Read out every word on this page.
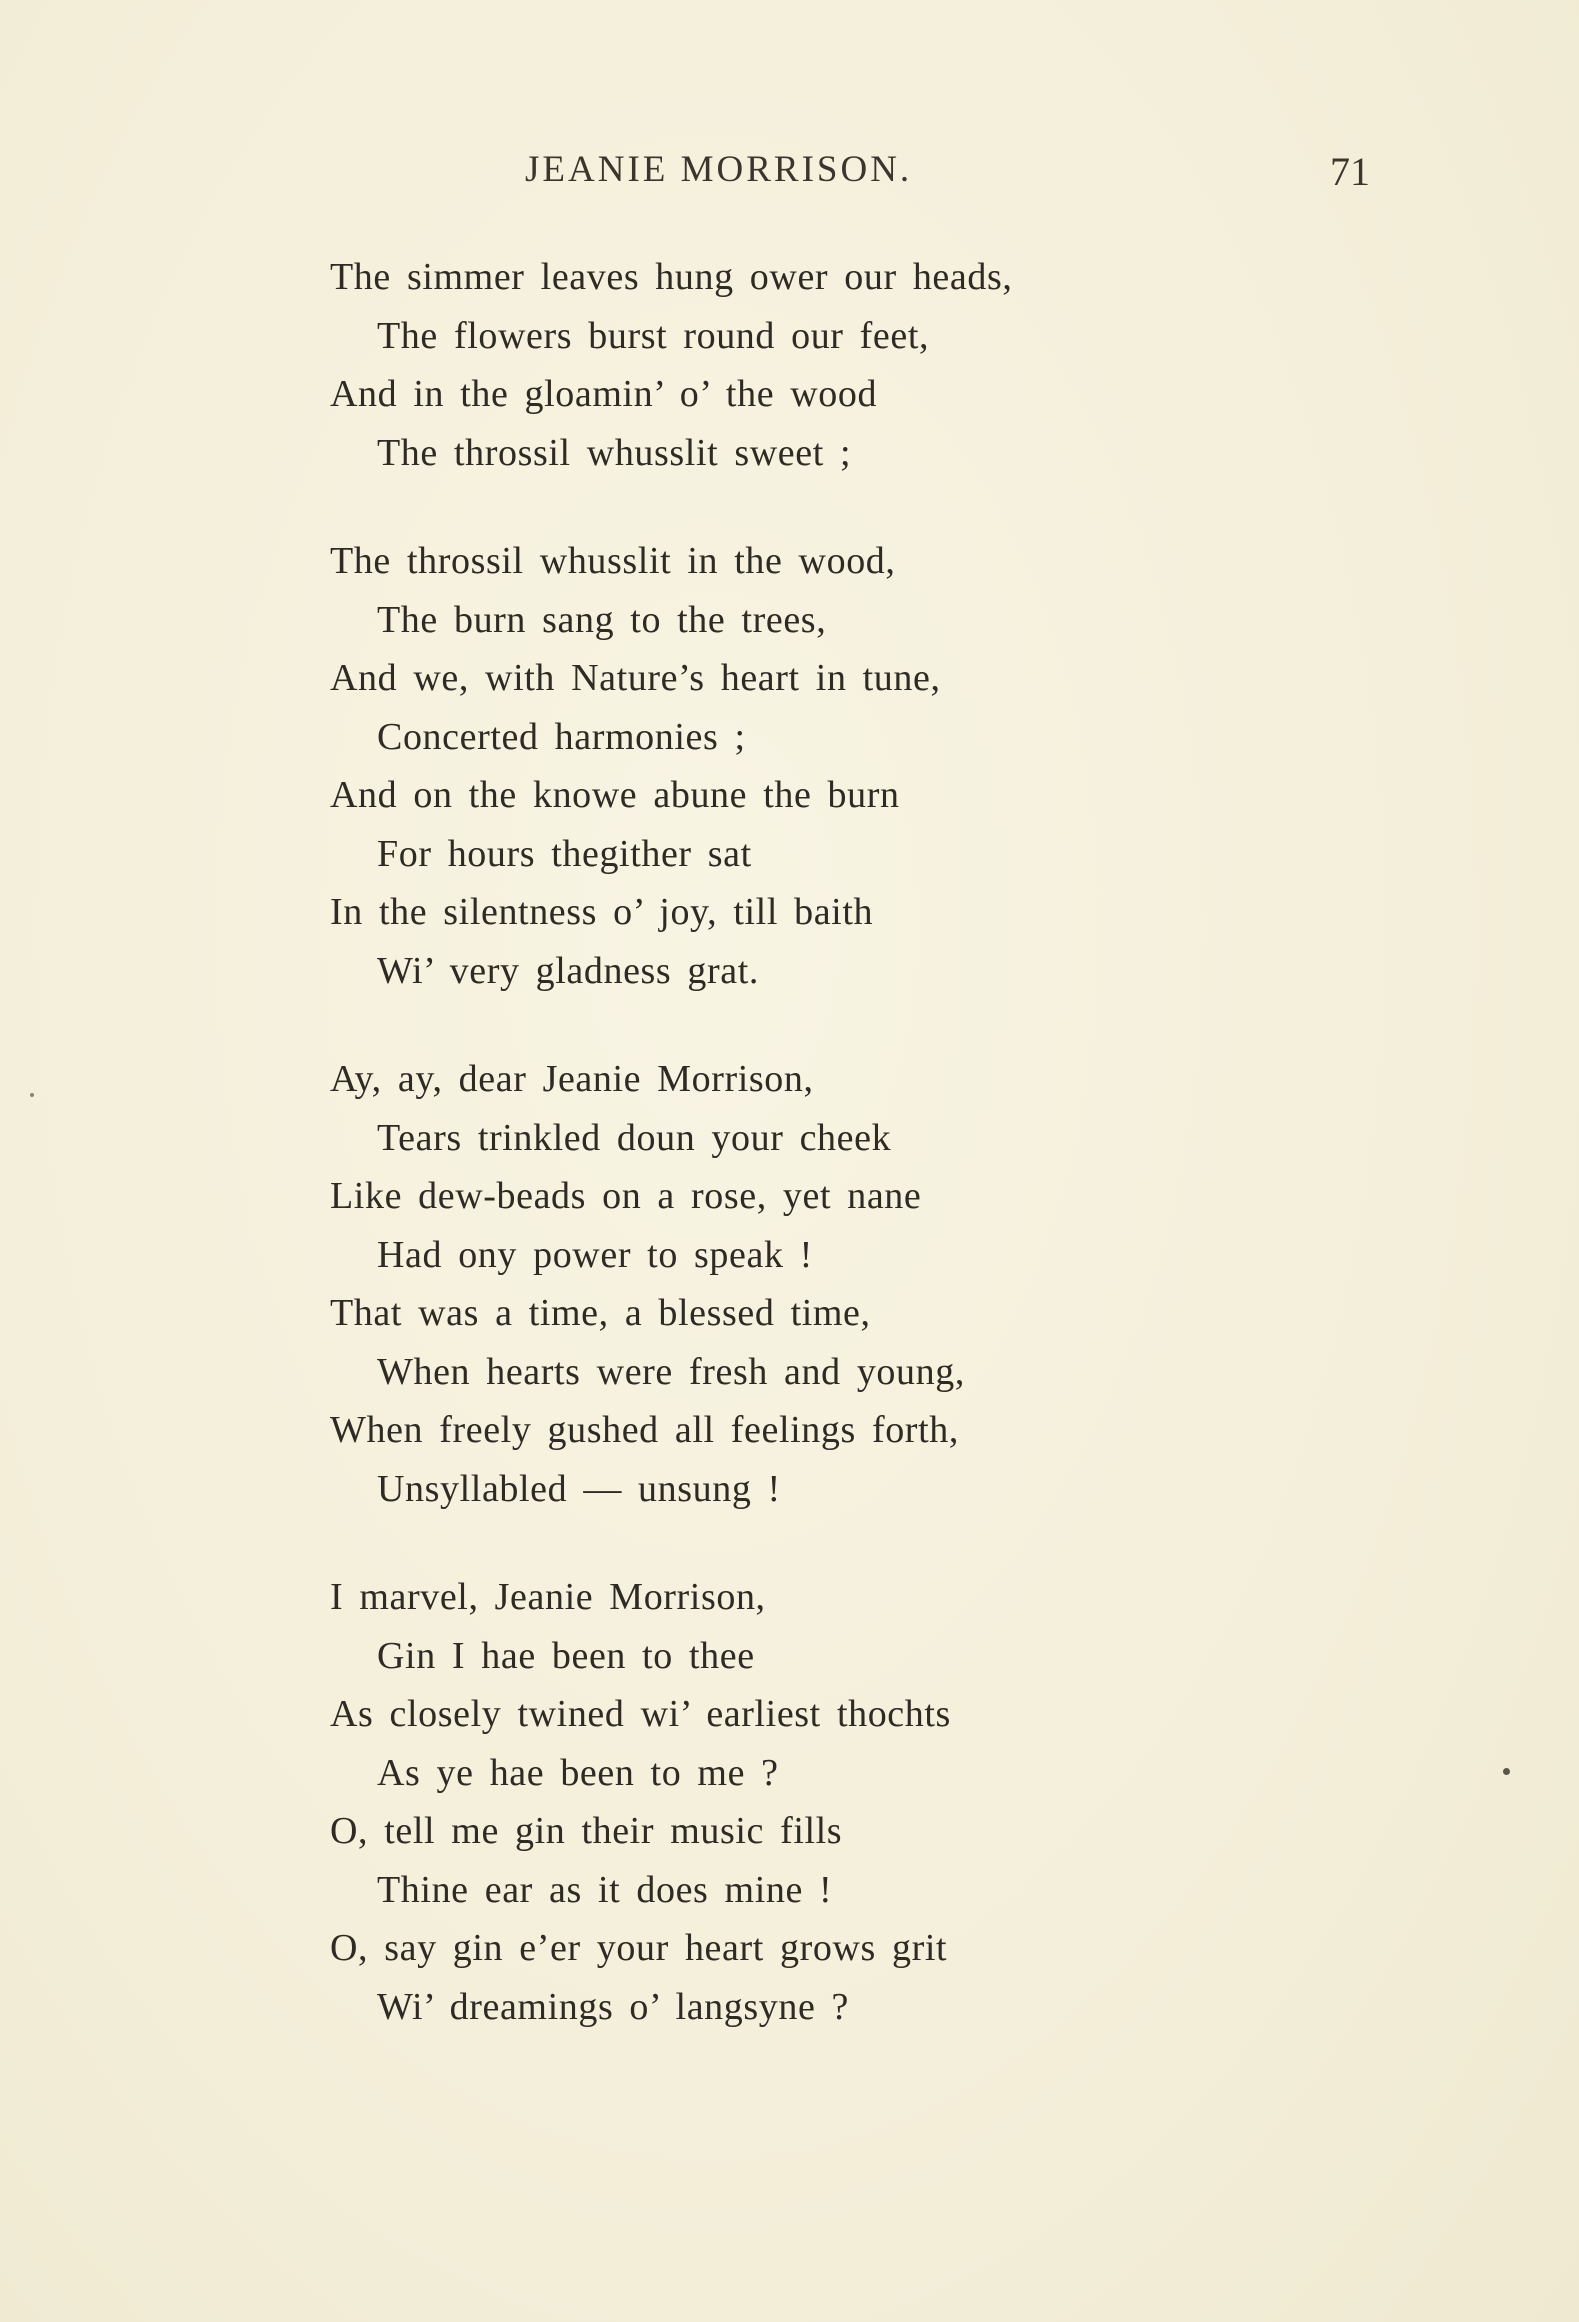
JEANIE MORRISON.	71
The simmer leaves hung ower our heads,
The flowers burst round our feet,
And in the gloamin’ o’ the wood
The throssil whusslit sweet ;
The throssil whusslit in the wood,
The burn sang to the trees,
And we, with Nature’s heart in tune,
Concerted harmonies ;
And on the knowe abune the burn
For hours thegither sat
In the silentness o’ joy, till baith
Wi’ very gladness grat.
Ay, ay, dear Jeanie Morrison,
Tears trinkled doun your cheek
Like dew-beads on a rose, yet nane
Had ony power to speak !
That was a time, a blessed time,
When hearts were fresh and young,
When freely gushed all feelings forth,
Unsyllabled — unsung !
I marvel, Jeanie Morrison,
Gin I hae been to thee
As closely twined wi’ earliest thochts
As ye hae been to me ?
O, tell me gin their music fills
Thine ear as it does mine !
O, say gin e’er your heart grows grit
Wi’ dreamings o’ langsyne ?
